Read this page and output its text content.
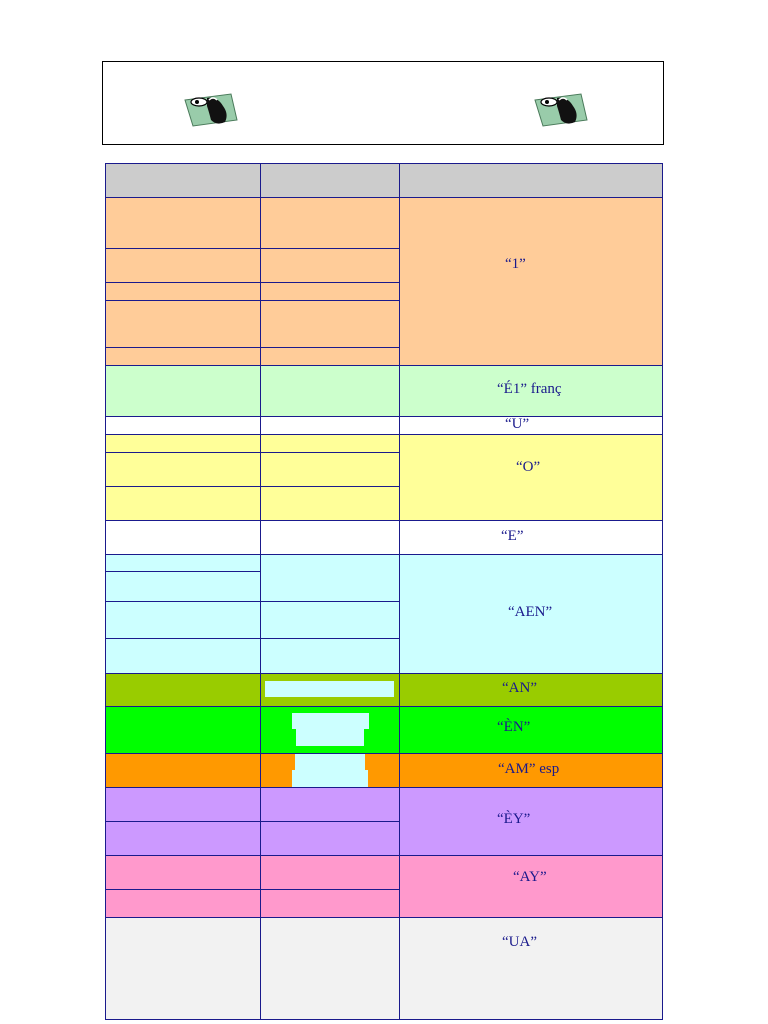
“1”
“É1” franç
“U”
“O”
“E”
“AEN”
“AN”
“ÈN”
“AM” esp
“ÈY”
“AY”
“UA”
